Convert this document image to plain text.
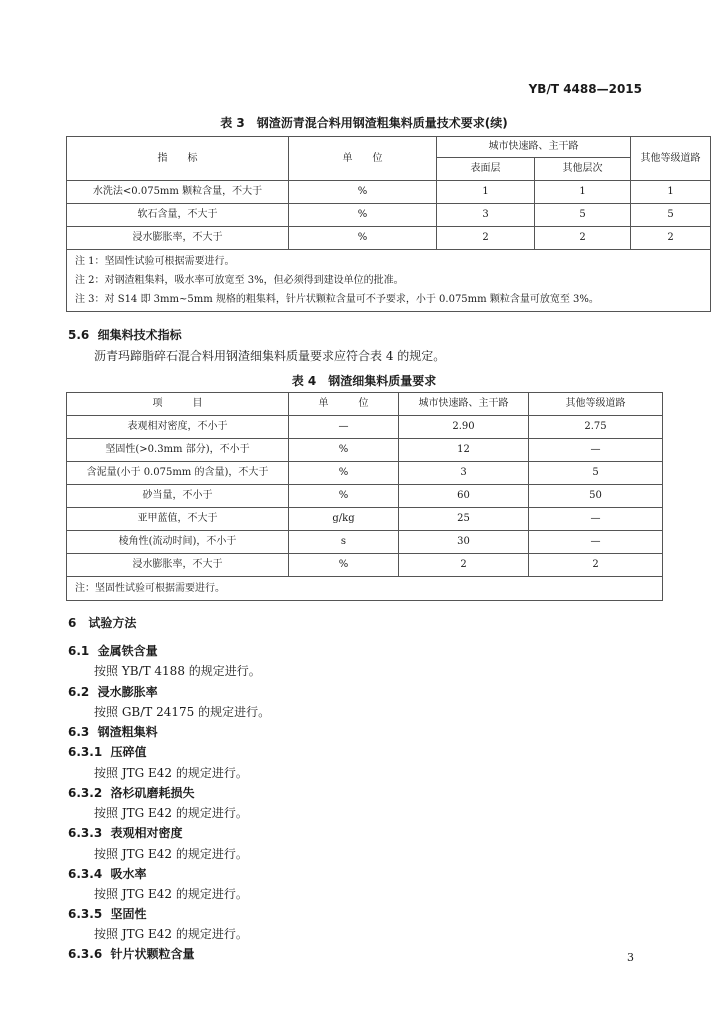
YB/T 4488—2015
表 3　钢渣沥青混合料用钢渣粗集料质量技术要求(续)
指　　标	单　　位	城市快速路、主干路		其他等级道路
		表面层	其他层次	
水洗法<0.075mm 颗粒含量，不大于	%	1	1	1
软石含量，不大于	%	3	5	5
浸水膨胀率，不大于	%	2	2	2

注 1：坚固性试验可根据需要进行。
注 2：对钢渣粗集料，吸水率可放宽至 3%，但必须得到建设单位的批准。
注 3：对 S14 即 3mm~5mm 规格的粗集料，针片状颗粒含量可不予要求，小于 0.075mm 颗粒含量可放宽至 3%。				
5.6 细集料技术指标
沥青玛蹄脂碎石混合料用钢渣细集料质量要求应符合表 4 的规定。
表 4　钢渣细集料质量要求
项　　　目	单　　　位	城市快速路、主干路	其他等级道路
表观相对密度，不小于	—	2.90	2.75
坚固性(>0.3mm 部分)，不小于	%	12	—
含泥量(小于 0.075mm 的含量)，不大于	%	3	5
砂当量，不小于	%	60	50
亚甲蓝值，不大于	g/kg	25	—
棱角性(流动时间)，不小于	s	30	—
浸水膨胀率，不大于	%	2	2
注：坚固性试验可根据需要进行。			
6　试验方法
6.1 金属铁含量
按照 YB/T 4188 的规定进行。
6.2 浸水膨胀率
按照 GB/T 24175 的规定进行。
6.3 钢渣粗集料
6.3.1 压碎值
按照 JTG E42 的规定进行。
6.3.2 洛杉矶磨耗损失
按照 JTG E42 的规定进行。
6.3.3 表观相对密度
按照 JTG E42 的规定进行。
6.3.4 吸水率
按照 JTG E42 的规定进行。
6.3.5 坚固性
按照 JTG E42 的规定进行。
6.3.6 针片状颗粒含量	3
